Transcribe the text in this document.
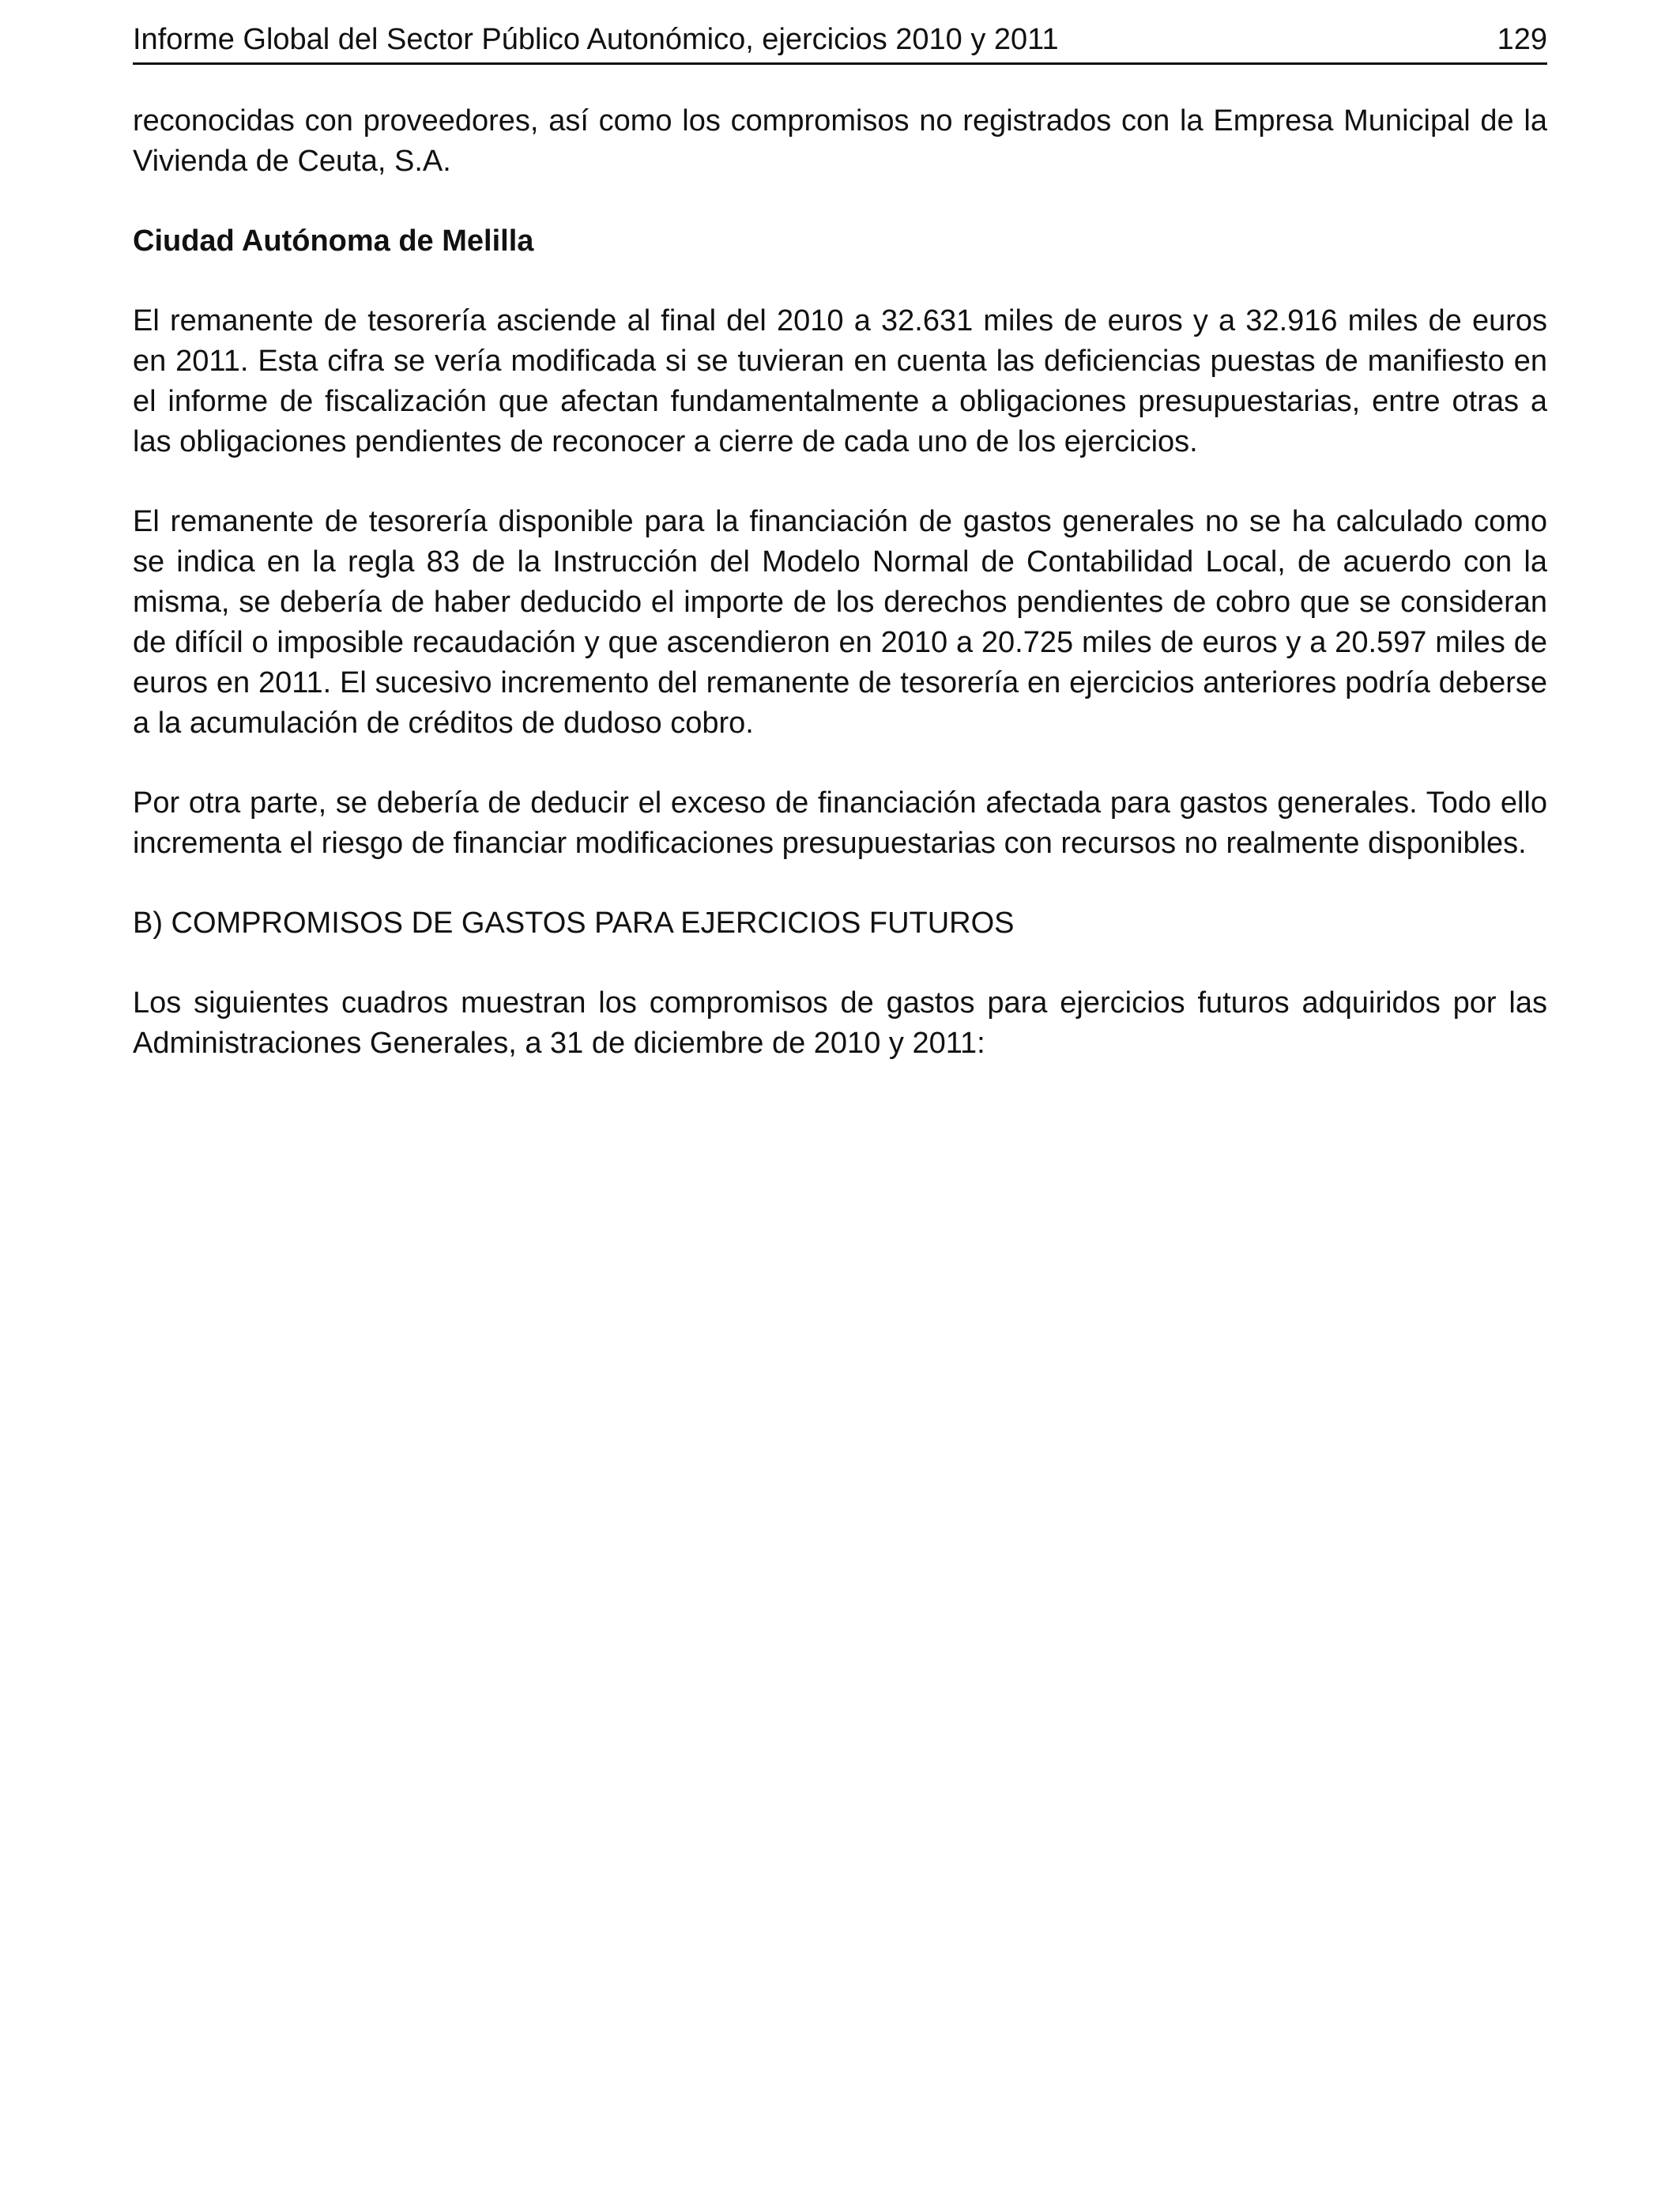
Informe Global del Sector Público Autonómico, ejercicios 2010 y 2011	129

reconocidas con proveedores, así como los compromisos no registrados con la Empresa Municipal de la Vivienda de Ceuta, S.A.

Ciudad Autónoma de Melilla

El remanente de tesorería asciende al final del 2010 a 32.631 miles de euros y a 32.916 miles de euros en 2011. Esta cifra se vería modificada si se tuvieran en cuenta las deficiencias puestas de manifiesto en el informe de fiscalización que afectan fundamentalmente a obligaciones presupuestarias, entre otras a las obligaciones pendientes de reconocer a cierre de cada uno de los ejercicios.

El remanente de tesorería disponible para la financiación de gastos generales no se ha calculado como se indica en la regla 83 de la Instrucción del Modelo Normal de Contabilidad Local, de acuerdo con la misma, se debería de haber deducido el importe de los derechos pendientes de cobro que se consideran de difícil o imposible recaudación y que ascendieron en 2010 a 20.725 miles de euros y a 20.597 miles de euros en 2011. El sucesivo incremento del remanente de tesorería en ejercicios anteriores podría deberse a la acumulación de créditos de dudoso cobro.

Por otra parte, se debería de deducir el exceso de financiación afectada para gastos generales. Todo ello incrementa el riesgo de financiar modificaciones presupuestarias con recursos no realmente disponibles.

B) COMPROMISOS DE GASTOS PARA EJERCICIOS FUTUROS

Los siguientes cuadros muestran los compromisos de gastos para ejercicios futuros adquiridos por las Administraciones Generales, a 31 de diciembre de 2010 y 2011:
